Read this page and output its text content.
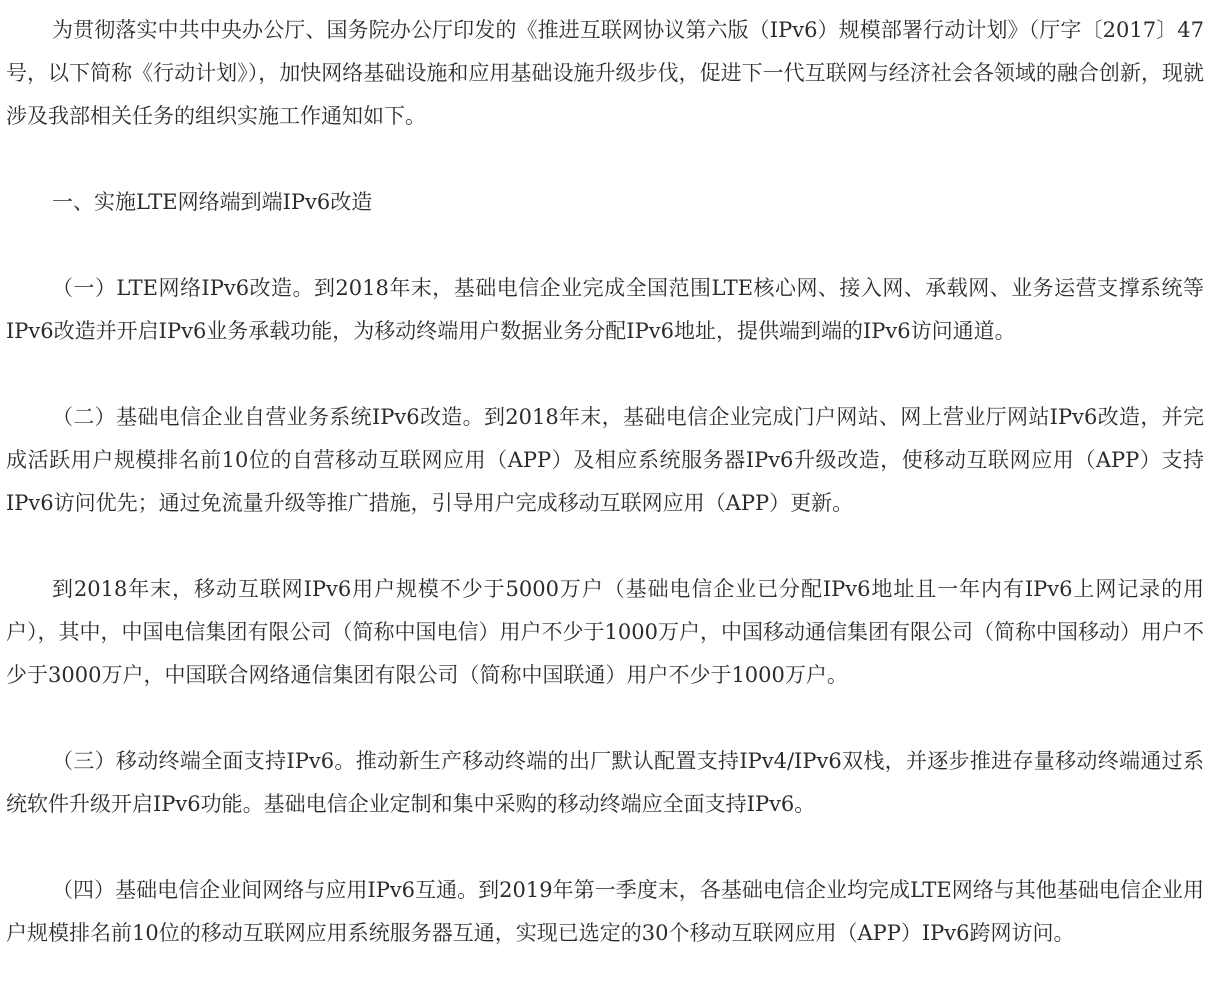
为贯彻落实中共中央办公厅、国务院办公厅印发的《推进互联网协议第六版（IPv6）规模部署行动计划》（厅字〔2017〕47号，以下简称《行动计划》），加快网络基础设施和应用基础设施升级步伐，促进下一代互联网与经济社会各领域的融合创新，现就涉及我部相关任务的组织实施工作通知如下。

一、实施LTE网络端到端IPv6改造

（一）LTE网络IPv6改造。到2018年末，基础电信企业完成全国范围LTE核心网、接入网、承载网、业务运营支撑系统等IPv6改造并开启IPv6业务承载功能，为移动终端用户数据业务分配IPv6地址，提供端到端的IPv6访问通道。

（二）基础电信企业自营业务系统IPv6改造。到2018年末，基础电信企业完成门户网站、网上营业厅网站IPv6改造，并完成活跃用户规模排名前10位的自营移动互联网应用（APP）及相应系统服务器IPv6升级改造，使移动互联网应用（APP）支持IPv6访问优先；通过免流量升级等推广措施，引导用户完成移动互联网应用（APP）更新。

到2018年末，移动互联网IPv6用户规模不少于5000万户（基础电信企业已分配IPv6地址且一年内有IPv6上网记录的用户），其中，中国电信集团有限公司（简称中国电信）用户不少于1000万户，中国移动通信集团有限公司（简称中国移动）用户不少于3000万户，中国联合网络通信集团有限公司（简称中国联通）用户不少于1000万户。

（三）移动终端全面支持IPv6。推动新生产移动终端的出厂默认配置支持IPv4/IPv6双栈，并逐步推进存量移动终端通过系统软件升级开启IPv6功能。基础电信企业定制和集中采购的移动终端应全面支持IPv6。

（四）基础电信企业间网络与应用IPv6互通。到2019年第一季度末，各基础电信企业均完成LTE网络与其他基础电信企业用户规模排名前10位的移动互联网应用系统服务器互通，实现已选定的30个移动互联网应用（APP）IPv6跨网访问。
